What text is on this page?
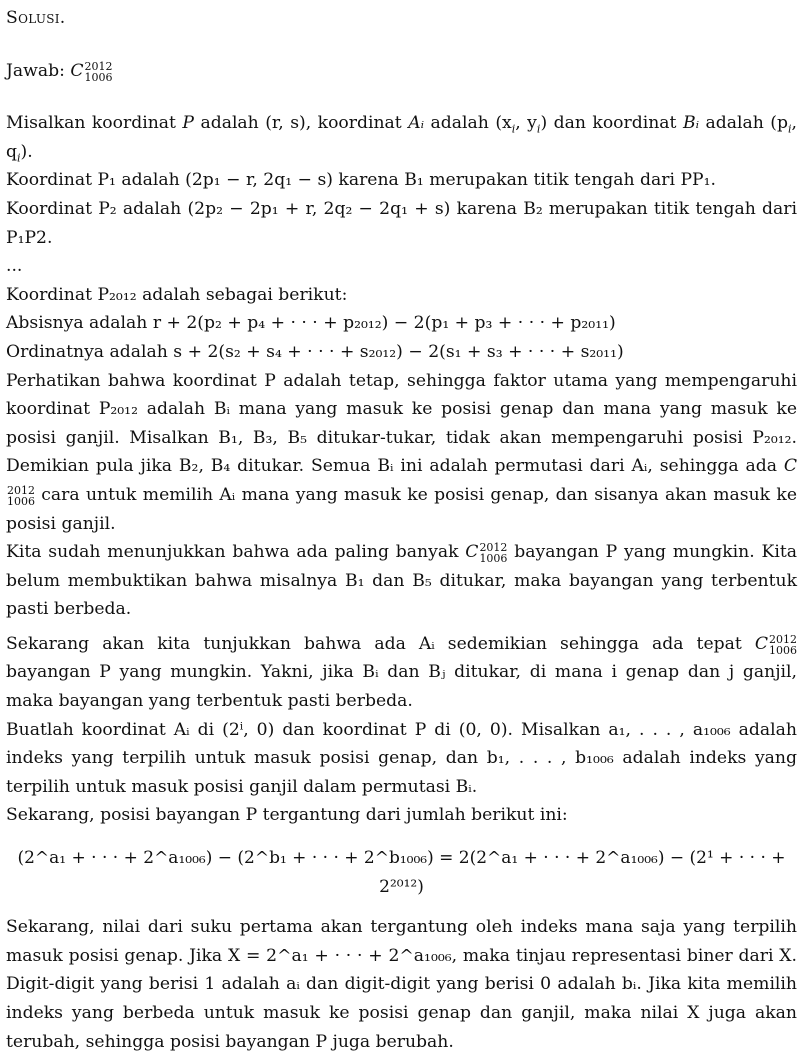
Solusi.

Jawab: C 2012
1006

Misalkan koordinat P adalah (r, s), koordinat Aᵢ adalah ($x_i$, $y_i$) dan koordinat Bᵢ adalah ($p_i$, $q_i$).

Koordinat P₁ adalah (2p₁ − r, 2q₁ − s) karena B₁ merupakan titik tengah dari PP₁.

Koordinat P₂ adalah (2p₂ − 2p₁ + r, 2q₂ − 2q₁ + s) karena B₂ merupakan titik tengah dari P₁P2.

...

Koordinat P₂₀₁₂ adalah sebagai berikut:

Absisnya adalah r + 2(p₂ + p₄ + · · · + p₂₀₁₂) − 2(p₁ + p₃ + · · · + p₂₀₁₁)

Ordinatnya adalah s + 2(s₂ + s₄ + · · · + s₂₀₁₂) − 2(s₁ + s₃ + · · · + s₂₀₁₁)

Perhatikan bahwa koordinat P adalah tetap, sehingga faktor utama yang mempengaruhi koordinat P₂₀₁₂ adalah Bᵢ mana yang masuk ke posisi genap dan mana yang masuk ke posisi ganjil. Misalkan B₁, B₃, B₅ ditukar-tukar, tidak akan mempengaruhi posisi P₂₀₁₂. Demikian pula jika B₂, B₄ ditukar. Semua Bᵢ ini adalah permutasi dari Aᵢ, sehingga ada C
2012
1006 cara untuk memilih Aᵢ mana yang masuk ke posisi genap, dan sisanya akan masuk ke posisi ganjil.

Kita sudah menunjukkan bahwa ada paling banyak C 2012
1006 bayangan P yang mungkin. Kita belum membuktikan bahwa misalnya B₁ dan B₅ ditukar, maka bayangan yang terbentuk pasti berbeda.

Sekarang akan kita tunjukkan bahwa ada Aᵢ sedemikian sehingga ada tepat C 2012
1006
bayangan P yang mungkin. Yakni, jika Bᵢ dan Bⱼ ditukar, di mana i genap dan j ganjil, maka bayangan yang terbentuk pasti berbeda.

Buatlah koordinat Aᵢ di (2ⁱ, 0) dan koordinat P di (0, 0). Misalkan a₁, . . . , a₁₀₀₆ adalah indeks yang terpilih untuk masuk posisi genap, dan b₁, . . . , b₁₀₀₆ adalah indeks yang terpilih untuk masuk posisi ganjil dalam permutasi Bᵢ.

Sekarang, posisi bayangan P tergantung dari jumlah berikut ini:

(2^a₁ + · · · + 2^a₁₀₀₆) − (2^b₁ + · · · + 2^b₁₀₀₆) = 2(2^a₁ + · · · + 2^a₁₀₀₆) − (2¹ + · · · + 2²⁰¹²)

Sekarang, nilai dari suku pertama akan tergantung oleh indeks mana saja yang terpilih masuk posisi genap. Jika X = 2^a₁ + · · · + 2^a₁₀₀₆, maka tinjau representasi biner dari X. Digit-digit yang berisi 1 adalah aᵢ dan digit-digit yang berisi 0 adalah bᵢ. Jika kita memilih indeks yang berbeda untuk masuk ke posisi genap dan ganjil, maka nilai X juga akan terubah, sehingga posisi bayangan P juga berubah.
